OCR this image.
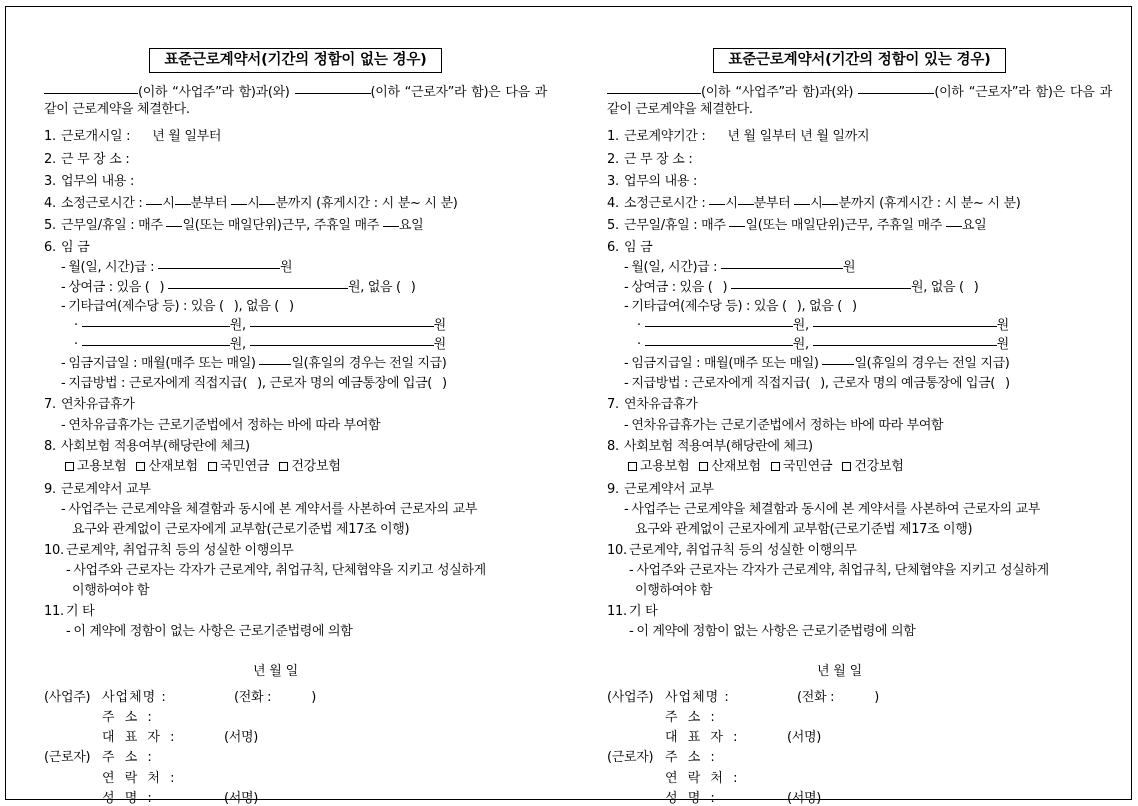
표준근로계약서(기간의 정함이 없는 경우)

(이하 “사업주”라 함)과(와)	(이하 “근로자”라 함)은 다음 과 같이 근로계약을 체결한다.

1. 근로개시일 : 년 월 일부터
2. 근 무 장 소 :
3. 업무의 내용 :
4. 소정근로시간 : 시 분부터 시 분까지 (휴게시간 : 시 분~ 시 분)
5. 근무일/휴일 : 매주 일(또는 매일단위)근무, 주휴일 매주 요일
6. 임 금
- 월(일, 시간)급 :	원
- 상여금 : 있음 ( )	원, 없음 ( )
- 기타급여(제수당 등) : 있음 ( ), 없음 ( )
·	원,	원
·	원,	원
- 임금지급일 : 매월(매주 또는 매일)	일(휴일의 경우는 전일 지급)
- 지급방법 : 근로자에게 직접지급( ), 근로자 명의 예금통장에 입금( )
7. 연차유급휴가
- 연차유급휴가는 근로기준법에서 정하는 바에 따라 부여함
8. 사회보험 적용여부(해당란에 체크)
고용보험 산재보험 국민연금 건강보험
9. 근로계약서 교부
- 사업주는 근로계약을 체결함과 동시에 본 계약서를 사본하여 근로자의 교부
요구와 관계없이 근로자에게 교부함(근로기준법 제17조 이행)
10. 근로계약, 취업규칙 등의 성실한 이행의무
- 사업주와 근로자는 각자가 근로계약, 취업규칙, 단체협약을 지키고 성실하게
이행하여야 함
11. 기 타
- 이 계약에 정함이 없는 사항은 근로기준법령에 의함
년 월 일
(사업주) 사업체명 :	(전화 :	)
주 소 :
대 표 자 :	(서명)
(근로자) 주 소 :
연 락 처 :
성 명 :	(서명)
표준근로계약서(기간의 정함이 있는 경우)

(이하 “사업주”라 함)과(와)	(이하 “근로자”라 함)은 다음 과 같이 근로계약을 체결한다.

1. 근로계약기간 : 년 월 일부터 년 월 일까지
2. 근 무 장 소 :
3. 업무의 내용 :
4. 소정근로시간 : 시 분부터 시 분까지 (휴게시간 : 시 분~ 시 분)
5. 근무일/휴일 : 매주 일(또는 매일단위)근무, 주휴일 매주 요일
6. 임 금
- 월(일, 시간)급 :	원
- 상여금 : 있음 ( )	원, 없음 ( )
- 기타급여(제수당 등) : 있음 ( ), 없음 ( )
·	원,	원
·	원,	원
- 임금지급일 : 매월(매주 또는 매일)	일(휴일의 경우는 전일 지급)
- 지급방법 : 근로자에게 직접지급( ), 근로자 명의 예금통장에 입금( )
7. 연차유급휴가
- 연차유급휴가는 근로기준법에서 정하는 바에 따라 부여함
8. 사회보험 적용여부(해당란에 체크)
고용보험 산재보험 국민연금 건강보험
9. 근로계약서 교부
- 사업주는 근로계약을 체결함과 동시에 본 계약서를 사본하여 근로자의 교부
요구와 관계없이 근로자에게 교부함(근로기준법 제17조 이행)
10. 근로계약, 취업규칙 등의 성실한 이행의무
- 사업주와 근로자는 각자가 근로계약, 취업규칙, 단체협약을 지키고 성실하게
이행하여야 함
11. 기 타
- 이 계약에 정함이 없는 사항은 근로기준법령에 의함
년 월 일
(사업주) 사업체명 :	(전화 :	)
주 소 :
대 표 자 :	(서명)
(근로자) 주 소 :
연 락 처 :
성 명 :	(서명)
